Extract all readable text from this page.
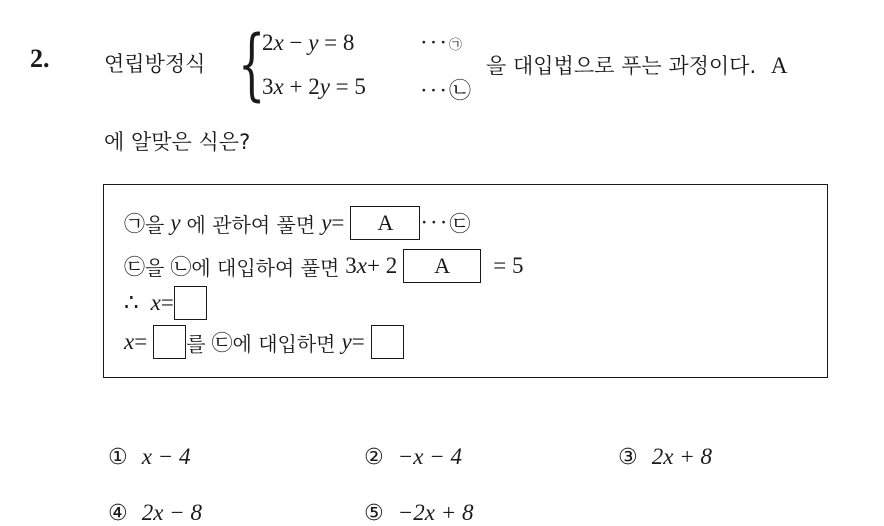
2.	연립방정식 {
2x − y = 8	···㉠
3x + 2y = 5 ···㉡
을 대입법으로 푸는 과정이다. A
에 알맞은 식은?
㉠ 을 y 에 관하여 풀면 y =	A	··· ㉢
㉢ 을 ㉡ 에 대입하여 풀면 3 x + 2	A	= 5
∴ x =
x = 를 ㉢ 에 대입하면 y =
① x − 4	② −x − 4	③ 2x + 8
④ 2x − 8	⑤ −2x + 8
